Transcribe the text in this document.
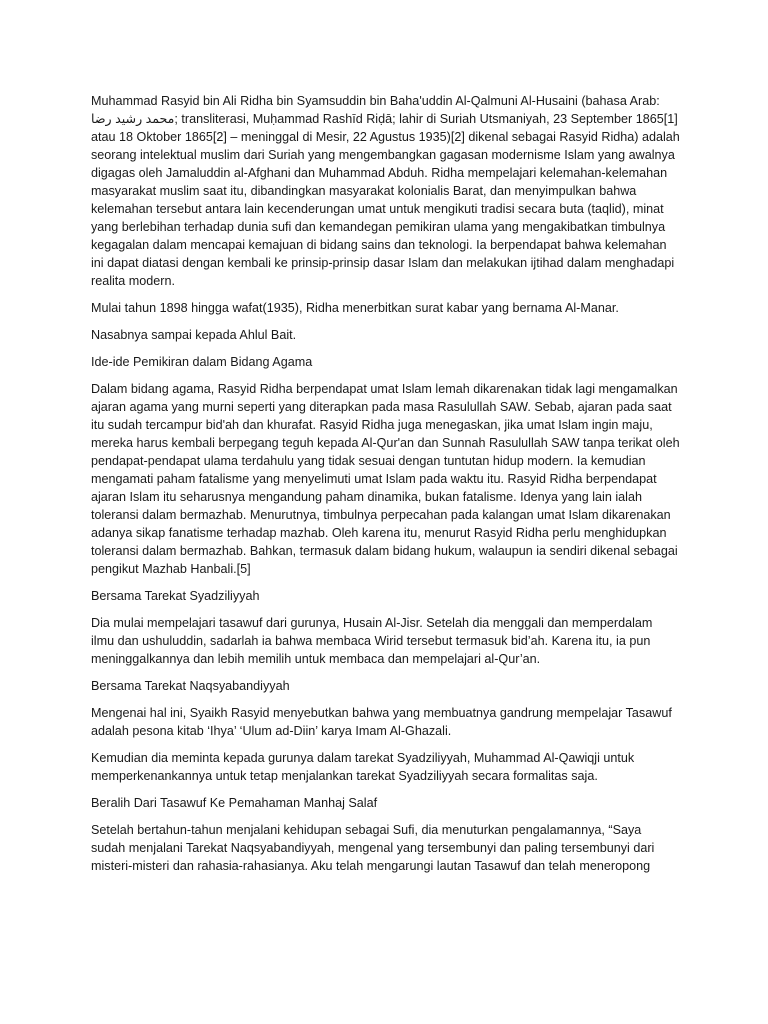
Muhammad Rasyid bin Ali Ridha bin Syamsuddin bin Baha'uddin Al-Qalmuni Al-Husaini (bahasa Arab:
محمد رشيد رضا; transliterasi, Muḥammad Rashīd Riḍā; lahir di Suriah Utsmaniyah, 23 September 1865[1]
atau 18 Oktober 1865[2] – meninggal di Mesir, 22 Agustus 1935)[2] dikenal sebagai Rasyid Ridha) adalah
seorang intelektual muslim dari Suriah yang mengembangkan gagasan modernisme Islam yang awalnya
digagas oleh Jamaluddin al-Afghani dan Muhammad Abduh. Ridha mempelajari kelemahan-kelemahan
masyarakat muslim saat itu, dibandingkan masyarakat kolonialis Barat, dan menyimpulkan bahwa
kelemahan tersebut antara lain kecenderungan umat untuk mengikuti tradisi secara buta (taqlid), minat
yang berlebihan terhadap dunia sufi dan kemandegan pemikiran ulama yang mengakibatkan timbulnya
kegagalan dalam mencapai kemajuan di bidang sains dan teknologi. Ia berpendapat bahwa kelemahan
ini dapat diatasi dengan kembali ke prinsip-prinsip dasar Islam dan melakukan ijtihad dalam menghadapi
realita modern.
Mulai tahun 1898 hingga wafat(1935), Ridha menerbitkan surat kabar yang bernama Al-Manar.
Nasabnya sampai kepada Ahlul Bait.
Ide-ide Pemikiran dalam Bidang Agama
Dalam bidang agama, Rasyid Ridha berpendapat umat Islam lemah dikarenakan tidak lagi mengamalkan
ajaran agama yang murni seperti yang diterapkan pada masa Rasulullah SAW. Sebab, ajaran pada saat
itu sudah tercampur bid'ah dan khurafat. Rasyid Ridha juga menegaskan, jika umat Islam ingin maju,
mereka harus kembali berpegang teguh kepada Al-Qur'an dan Sunnah Rasulullah SAW tanpa terikat oleh
pendapat-pendapat ulama terdahulu yang tidak sesuai dengan tuntutan hidup modern. Ia kemudian
mengamati paham fatalisme yang menyelimuti umat Islam pada waktu itu. Rasyid Ridha berpendapat
ajaran Islam itu seharusnya mengandung paham dinamika, bukan fatalisme. Idenya yang lain ialah
toleransi dalam bermazhab. Menurutnya, timbulnya perpecahan pada kalangan umat Islam dikarenakan
adanya sikap fanatisme terhadap mazhab. Oleh karena itu, menurut Rasyid Ridha perlu menghidupkan
toleransi dalam bermazhab. Bahkan, termasuk dalam bidang hukum, walaupun ia sendiri dikenal sebagai
pengikut Mazhab Hanbali.[5]
Bersama Tarekat Syadziliyyah
Dia mulai mempelajari tasawuf dari gurunya, Husain Al-Jisr. Setelah dia menggali dan memperdalam
ilmu dan ushuluddin, sadarlah ia bahwa membaca Wirid tersebut termasuk bid’ah. Karena itu, ia pun
meninggalkannya dan lebih memilih untuk membaca dan mempelajari al-Qur’an.
Bersama Tarekat Naqsyabandiyyah
Mengenai hal ini, Syaikh Rasyid menyebutkan bahwa yang membuatnya gandrung mempelajar Tasawuf
adalah pesona kitab ‘Ihya’ ‘Ulum ad-Diin’ karya Imam Al-Ghazali.
Kemudian dia meminta kepada gurunya dalam tarekat Syadziliyyah, Muhammad Al-Qawiqji untuk
memperkenankannya untuk tetap menjalankan tarekat Syadziliyyah secara formalitas saja.
Beralih Dari Tasawuf Ke Pemahaman Manhaj Salaf
Setelah bertahun-tahun menjalani kehidupan sebagai Sufi, dia menuturkan pengalamannya, “Saya
sudah menjalani Tarekat Naqsyabandiyyah, mengenal yang tersembunyi dan paling tersembunyi dari
misteri-misteri dan rahasia-rahasianya. Aku telah mengarungi lautan Tasawuf dan telah meneropong
